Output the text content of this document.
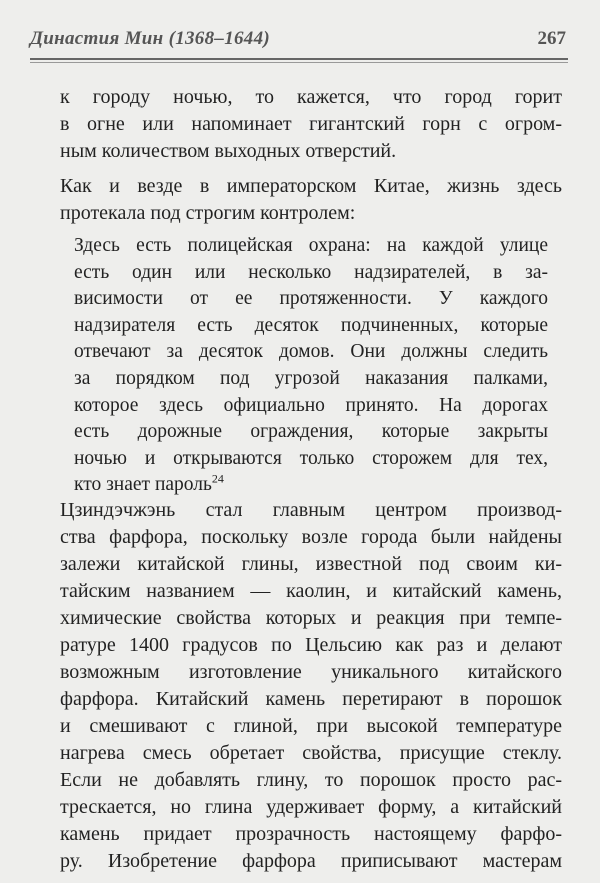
Династия Мин (1368–1644)	267
к городу ночью, то кажется, что город горит
в огне или напоминает гигантский горн с огром-
ным количеством выходных отверстий.
Как и везде в императорском Китае, жизнь здесь
протекала под строгим контролем:
Здесь есть полицейская охрана: на каждой улице
есть один или несколько надзирателей, в за-
висимости от ее протяженности. У каждого
надзирателя есть десяток подчиненных, которые
отвечают за десяток домов. Они должны следить
за порядком под угрозой наказания палками,
которое здесь официально принято. На дорогах
есть дорожные ограждения, которые закрыты
ночью и открываются только сторожем для тех,
кто знает пароль$^{24}$
Цзиндэчжэнь стал главным центром производ-
ства фарфора, поскольку возле города были найдены
залежи китайской глины, известной под своим ки-
тайским названием — каолин, и китайский камень,
химические свойства которых и реакция при темпе-
ратуре 1400 градусов по Цельсию как раз и делают
возможным изготовление уникального китайского
фарфора. Китайский камень перетирают в порошок
и смешивают с глиной, при высокой температуре
нагрева смесь обретает свойства, присущие стеклу.
Если не добавлять глину, то порошок просто рас-
трескается, но глина удерживает форму, а китайский
камень придает прозрачность настоящему фарфо-
ру. Изобретение фарфора приписывают мастерам
